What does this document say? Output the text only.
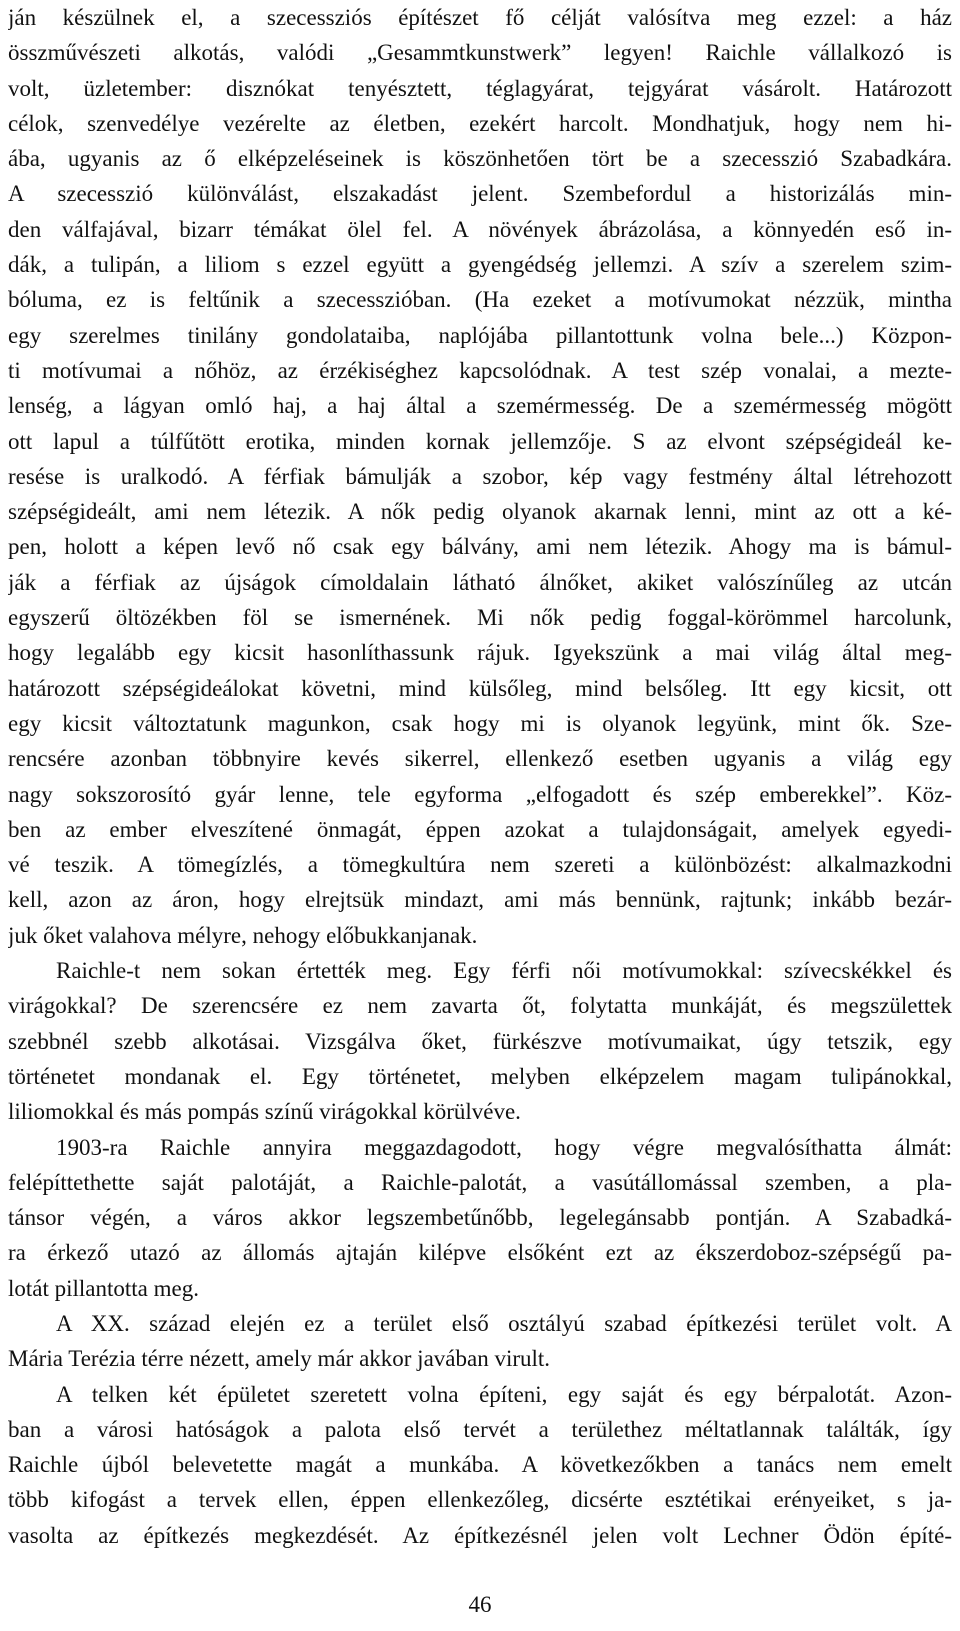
ján készülnek el, a szecessziós építészet fő célját valósítva meg ezzel: a ház
összművészeti alkotás, valódi „Gesammtkunstwerk” legyen! Raichle vállalkozó is
volt, üzletember: disznókat tenyésztett, téglagyárat, tejgyárat vásárolt. Határozott
célok, szenvedélye vezérelte az életben, ezekért harcolt. Mondhatjuk, hogy nem hi-
ába, ugyanis az ő elképzeléseinek is köszönhetően tört be a szecesszió Szabadkára.
A szecesszió különválást, elszakadást jelent. Szembefordul a historizálás min-
den válfajával, bizarr témákat ölel fel. A növények ábrázolása, a könnyedén eső in-
dák, a tulipán, a liliom s ezzel együtt a gyengédség jellemzi. A szív a szerelem szim-
bóluma, ez is feltűnik a szecesszióban. (Ha ezeket a motívumokat nézzük, mintha
egy szerelmes tinilány gondolataiba, naplójába pillantottunk volna bele...) Közpon-
ti motívumai a nőhöz, az érzékiséghez kapcsolódnak. A test szép vonalai, a mezte-
lenség, a lágyan omló haj, a haj által a szemérmesség. De a szemérmesség mögött
ott lapul a túlfűtött erotika, minden kornak jellemzője. S az elvont szépségideál ke-
resése is uralkodó. A férfiak bámulják a szobor, kép vagy festmény által létrehozott
szépségideált, ami nem létezik. A nők pedig olyanok akarnak lenni, mint az ott a ké-
pen, holott a képen levő nő csak egy bálvány, ami nem létezik. Ahogy ma is bámul-
ják a férfiak az újságok címoldalain látható álnőket, akiket valószínűleg az utcán
egyszerű öltözékben föl se ismernének. Mi nők pedig foggal-körömmel harcolunk,
hogy legalább egy kicsit hasonlíthassunk rájuk. Igyekszünk a mai világ által meg-
határozott szépségideálokat követni, mind külsőleg, mind belsőleg. Itt egy kicsit, ott
egy kicsit változtatunk magunkon, csak hogy mi is olyanok legyünk, mint ők. Sze-
rencsére azonban többnyire kevés sikerrel, ellenkező esetben ugyanis a világ egy
nagy sokszorosító gyár lenne, tele egyforma „elfogadott és szép emberekkel”. Köz-
ben az ember elveszítené önmagát, éppen azokat a tulajdonságait, amelyek egyedi-
vé teszik. A tömegízlés, a tömegkultúra nem szereti a különbözést: alkalmazkodni
kell, azon az áron, hogy elrejtsük mindazt, ami más bennünk, rajtunk; inkább bezár-
juk őket valahova mélyre, nehogy előbukkanjanak.
Raichle-t nem sokan értették meg. Egy férfi női motívumokkal: szívecskékkel és
virágokkal? De szerencsére ez nem zavarta őt, folytatta munkáját, és megszülettek
szebbnél szebb alkotásai. Vizsgálva őket, fürkészve motívumaikat, úgy tetszik, egy
történetet mondanak el. Egy történetet, melyben elképzelem magam tulipánokkal,
liliomokkal és más pompás színű virágokkal körülvéve.
1903-ra Raichle annyira meggazdagodott, hogy végre megvalósíthatta álmát:
felépíttethette saját palotáját, a Raichle-palotát, a vasútállomással szemben, a pla-
tánsor végén, a város akkor legszembetűnőbb, legelegánsabb pontján. A Szabadká-
ra érkező utazó az állomás ajtaján kilépve elsőként ezt az ékszerdoboz-szépségű pa-
lotát pillantotta meg.
A XX. század elején ez a terület első osztályú szabad építkezési terület volt. A
Mária Terézia térre nézett, amely már akkor javában virult.
A telken két épületet szeretett volna építeni, egy saját és egy bérpalotát. Azon-
ban a városi hatóságok a palota első tervét a területhez méltatlannak találták, így
Raichle újból belevetette magát a munkába. A következőkben a tanács nem emelt
több kifogást a tervek ellen, éppen ellenkezőleg, dicsérte esztétikai erényeiket, s ja-
vasolta az építkezés megkezdését. Az építkezésnél jelen volt Lechner Ödön építé-
46
